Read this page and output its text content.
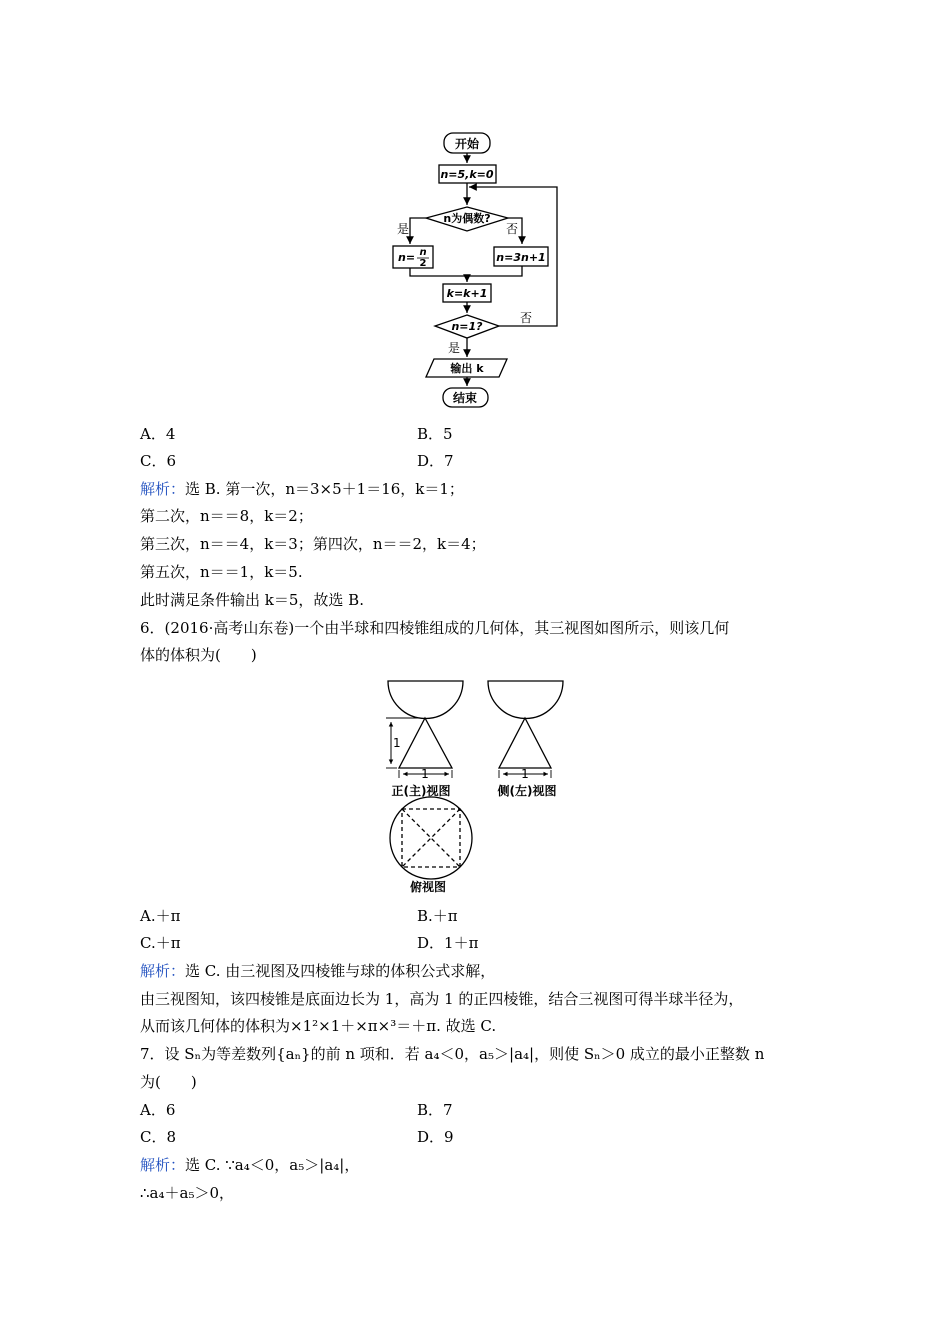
开始
n=5,k=0
n为偶数?
是	否
n= n
2	n=3n+1
k=k+1
n=1?
否
是
输出 k
结束
A．4	B．5
C．6	D．7
解析：选 B. 第一次，n＝3×5＋1＝16，k＝1；
第二次，n＝＝8，k＝2；
第三次，n＝＝4，k＝3；第四次，n＝＝2，k＝4；
第五次，n＝＝1，k＝5.
此时满足条件输出 k＝5，故选 B.
6．(2016·高考山东卷)一个由半球和四棱锥组成的几何体，其三视图如图所示，则该几何
体的体积为(　　)
1
1	1
正(主)视图	侧(左)视图
俯视图
A.＋π	B.＋π
C.＋π	D．1＋π
解析：选 C. 由三视图及四棱锥与球的体积公式求解，
由三视图知，该四棱锥是底面边长为 1，高为 1 的正四棱锥，结合三视图可得半球半径为，
从而该几何体的体积为×1²×1＋×π×³＝＋π. 故选 C.
7．设 Sₙ为等差数列{aₙ}的前 n 项和．若 a₄＜0，a₅＞|a₄|，则使 Sₙ＞0 成立的最小正整数 n
为(　　)
A．6	B．7
C．8	D．9
解析：选 C. ∵a₄＜0，a₅＞|a₄|，
∴a₄＋a₅＞0，
